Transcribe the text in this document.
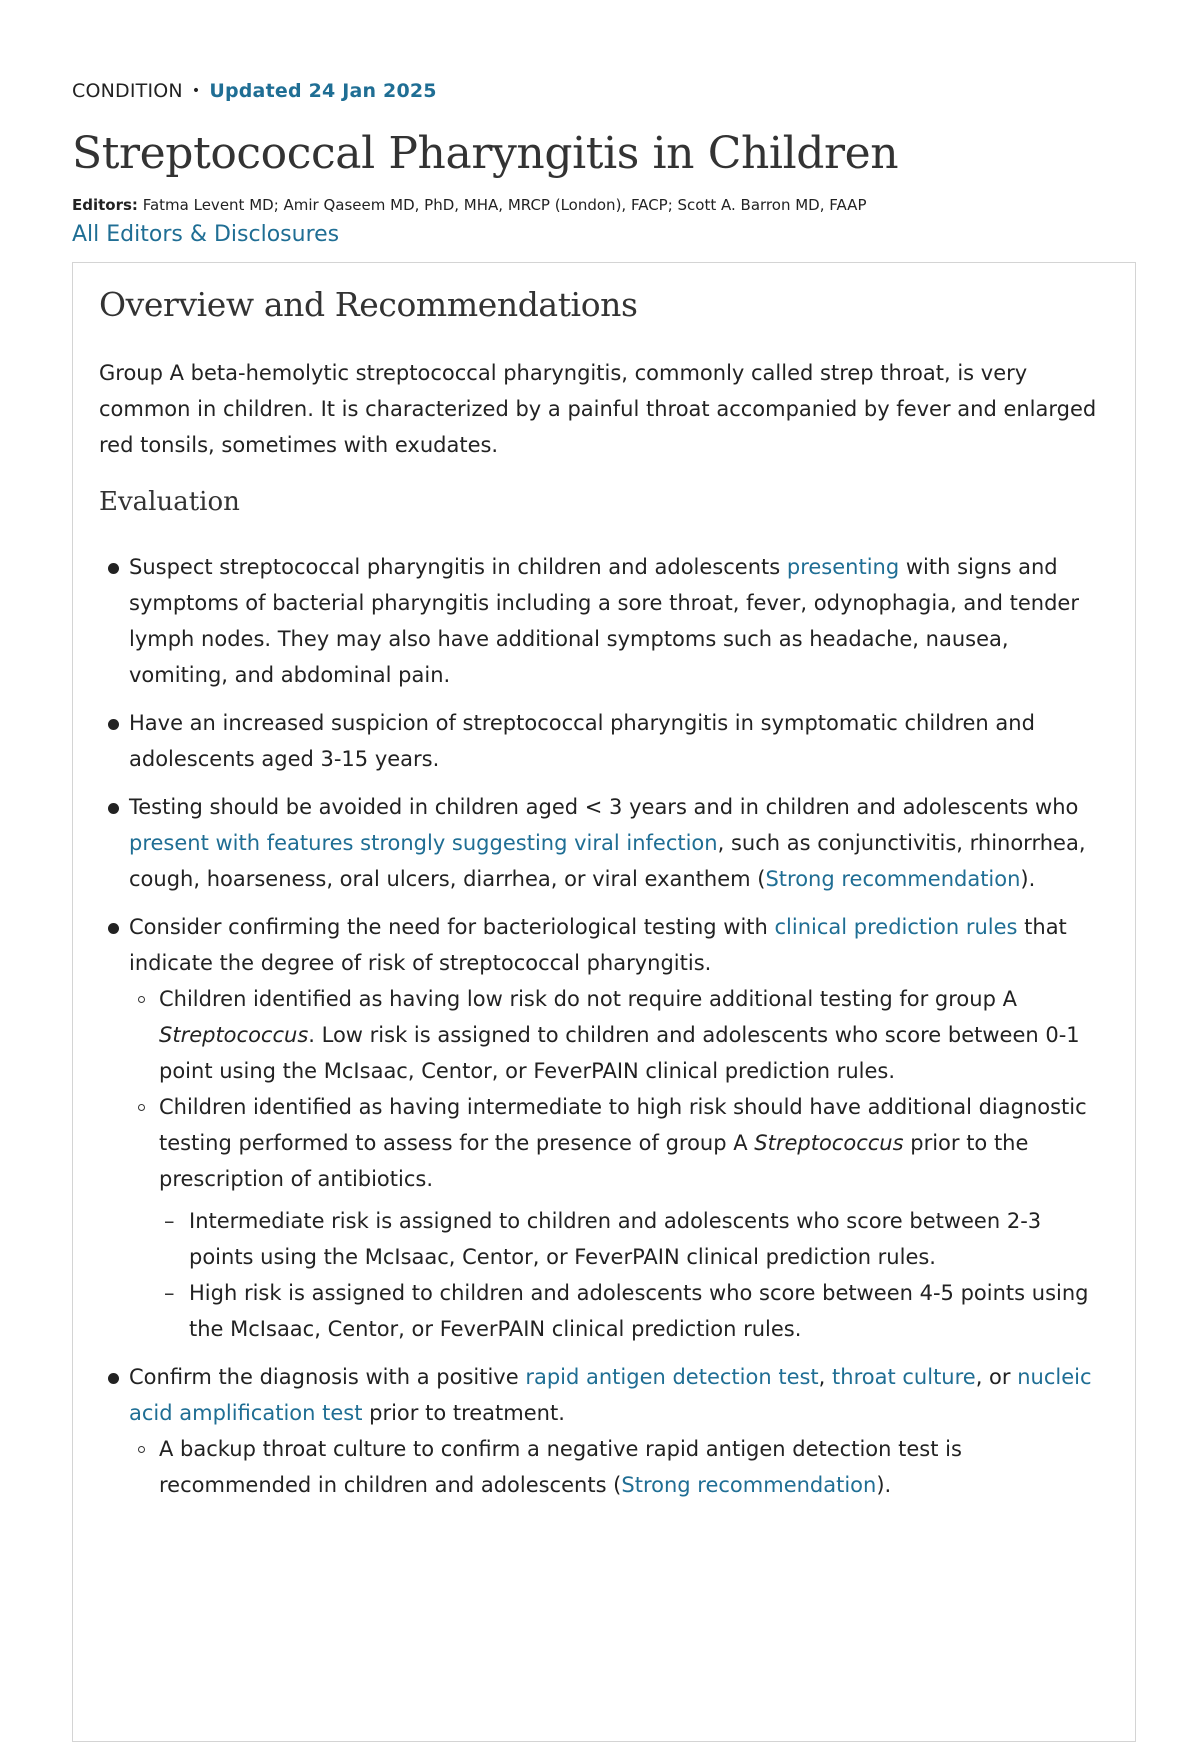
CONDITION • Updated 24 Jan 2025
Streptococcal Pharyngitis in Children
Editors: Fatma Levent MD; Amir Qaseem MD, PhD, MHA, MRCP (London), FACP; Scott A. Barron MD, FAAP
All Editors & Disclosures
Overview and Recommendations

Group A beta-hemolytic streptococcal pharyngitis, commonly called strep throat, is very common in children. It is characterized by a painful throat accompanied by fever and enlarged red tonsils, sometimes with exudates.

Evaluation
Suspect streptococcal pharyngitis in children and adolescents presenting with signs and symptoms of bacterial pharyngitis including a sore throat, fever, odynophagia, and tender lymph nodes. They may also have additional symptoms such as headache, nausea, vomiting, and abdominal pain.
Have an increased suspicion of streptococcal pharyngitis in symptomatic children and adolescents aged 3-15 years.
Testing should be avoided in children aged < 3 years and in children and adolescents who present with features strongly suggesting viral infection, such as conjunctivitis, rhinorrhea, cough, hoarseness, oral ulcers, diarrhea, or viral exanthem (Strong recommendation).
Consider confirming the need for bacteriological testing with clinical prediction rules that indicate the degree of risk of streptococcal pharyngitis.
Children identified as having low risk do not require additional testing for group A Streptococcus. Low risk is assigned to children and adolescents who score between 0-1 point using the McIsaac, Centor, or FeverPAIN clinical prediction rules.
Children identified as having intermediate to high risk should have additional diagnostic testing performed to assess for the presence of group A Streptococcus prior to the prescription of antibiotics.
– Intermediate risk is assigned to children and adolescents who score between 2-3 points using the McIsaac, Centor, or FeverPAIN clinical prediction rules.
– High risk is assigned to children and adolescents who score between 4-5 points using the McIsaac, Centor, or FeverPAIN clinical prediction rules.
Confirm the diagnosis with a positive rapid antigen detection test, throat culture, or nucleic acid amplification test prior to treatment.
A backup throat culture to confirm a negative rapid antigen detection test is recommended in children and adolescents (Strong recommendation).
